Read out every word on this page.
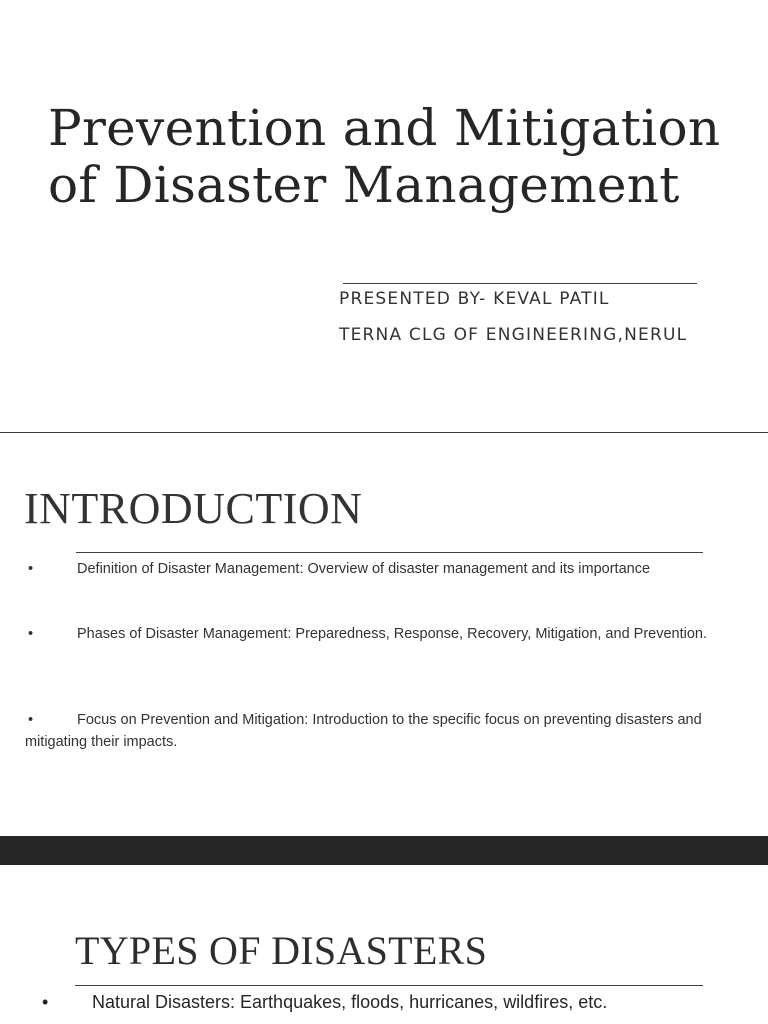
Prevention and Mitigation
of Disaster Management
PRESENTED BY- KEVAL PATIL
TERNA CLG OF ENGINEERING,NERUL
INTRODUCTION
•	Definition of Disaster Management: Overview of disaster management and its importance
•	Phases of Disaster Management: Preparedness, Response, Recovery, Mitigation, and Prevention.
•	Focus on Prevention and Mitigation: Introduction to the specific focus on preventing disasters and mitigating their impacts.
TYPES OF DISASTERS
• Natural Disasters: Earthquakes, floods, hurricanes, wildfires, etc.
